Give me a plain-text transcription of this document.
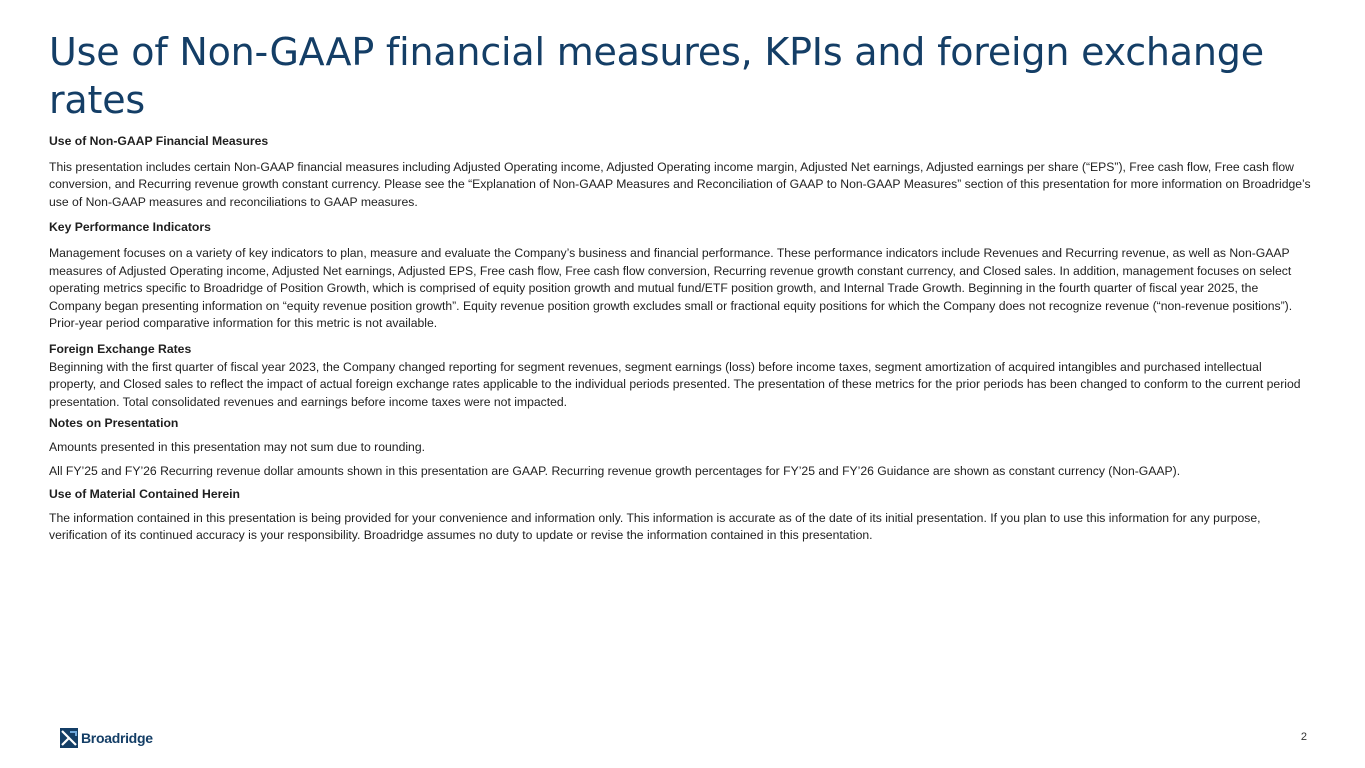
Use of Non-GAAP financial measures, KPIs and foreign exchange rates

Use of Non-GAAP Financial Measures

This presentation includes certain Non-GAAP financial measures including Adjusted Operating income, Adjusted Operating income margin, Adjusted Net earnings, Adjusted earnings per share (“EPS”), Free cash flow, Free cash flow conversion, and Recurring revenue growth constant currency. Please see the “Explanation of Non-GAAP Measures and Reconciliation of GAAP to Non-GAAP Measures” section of this presentation for more information on Broadridge’s use of Non-GAAP measures and reconciliations to GAAP measures.

Key Performance Indicators

Management focuses on a variety of key indicators to plan, measure and evaluate the Company’s business and financial performance. These performance indicators include Revenues and Recurring revenue, as well as Non-GAAP measures of Adjusted Operating income, Adjusted Net earnings, Adjusted EPS, Free cash flow, Free cash flow conversion, Recurring revenue growth constant currency, and Closed sales. In addition, management focuses on select operating metrics specific to Broadridge of Position Growth, which is comprised of equity position growth and mutual fund/ETF position growth, and Internal Trade Growth. Beginning in the fourth quarter of fiscal year 2025, the Company began presenting information on “equity revenue position growth”. Equity revenue position growth excludes small or fractional equity positions for which the Company does not recognize revenue (“non-revenue positions”). Prior-year period comparative information for this metric is not available.

Foreign Exchange Rates

Beginning with the first quarter of fiscal year 2023, the Company changed reporting for segment revenues, segment earnings (loss) before income taxes, segment amortization of acquired intangibles and purchased intellectual property, and Closed sales to reflect the impact of actual foreign exchange rates applicable to the individual periods presented. The presentation of these metrics for the prior periods has been changed to conform to the current period presentation. Total consolidated revenues and earnings before income taxes were not impacted.

Notes on Presentation

Amounts presented in this presentation may not sum due to rounding.

All FY’25 and FY’26 Recurring revenue dollar amounts shown in this presentation are GAAP. Recurring revenue growth percentages for FY’25 and FY’26 Guidance are shown as constant currency (Non-GAAP).

Use of Material Contained Herein

The information contained in this presentation is being provided for your convenience and information only. This information is accurate as of the date of its initial presentation. If you plan to use this information for any purpose, verification of its continued accuracy is your responsibility. Broadridge assumes no duty to update or revise the information contained in this presentation.

Broadridge	2
